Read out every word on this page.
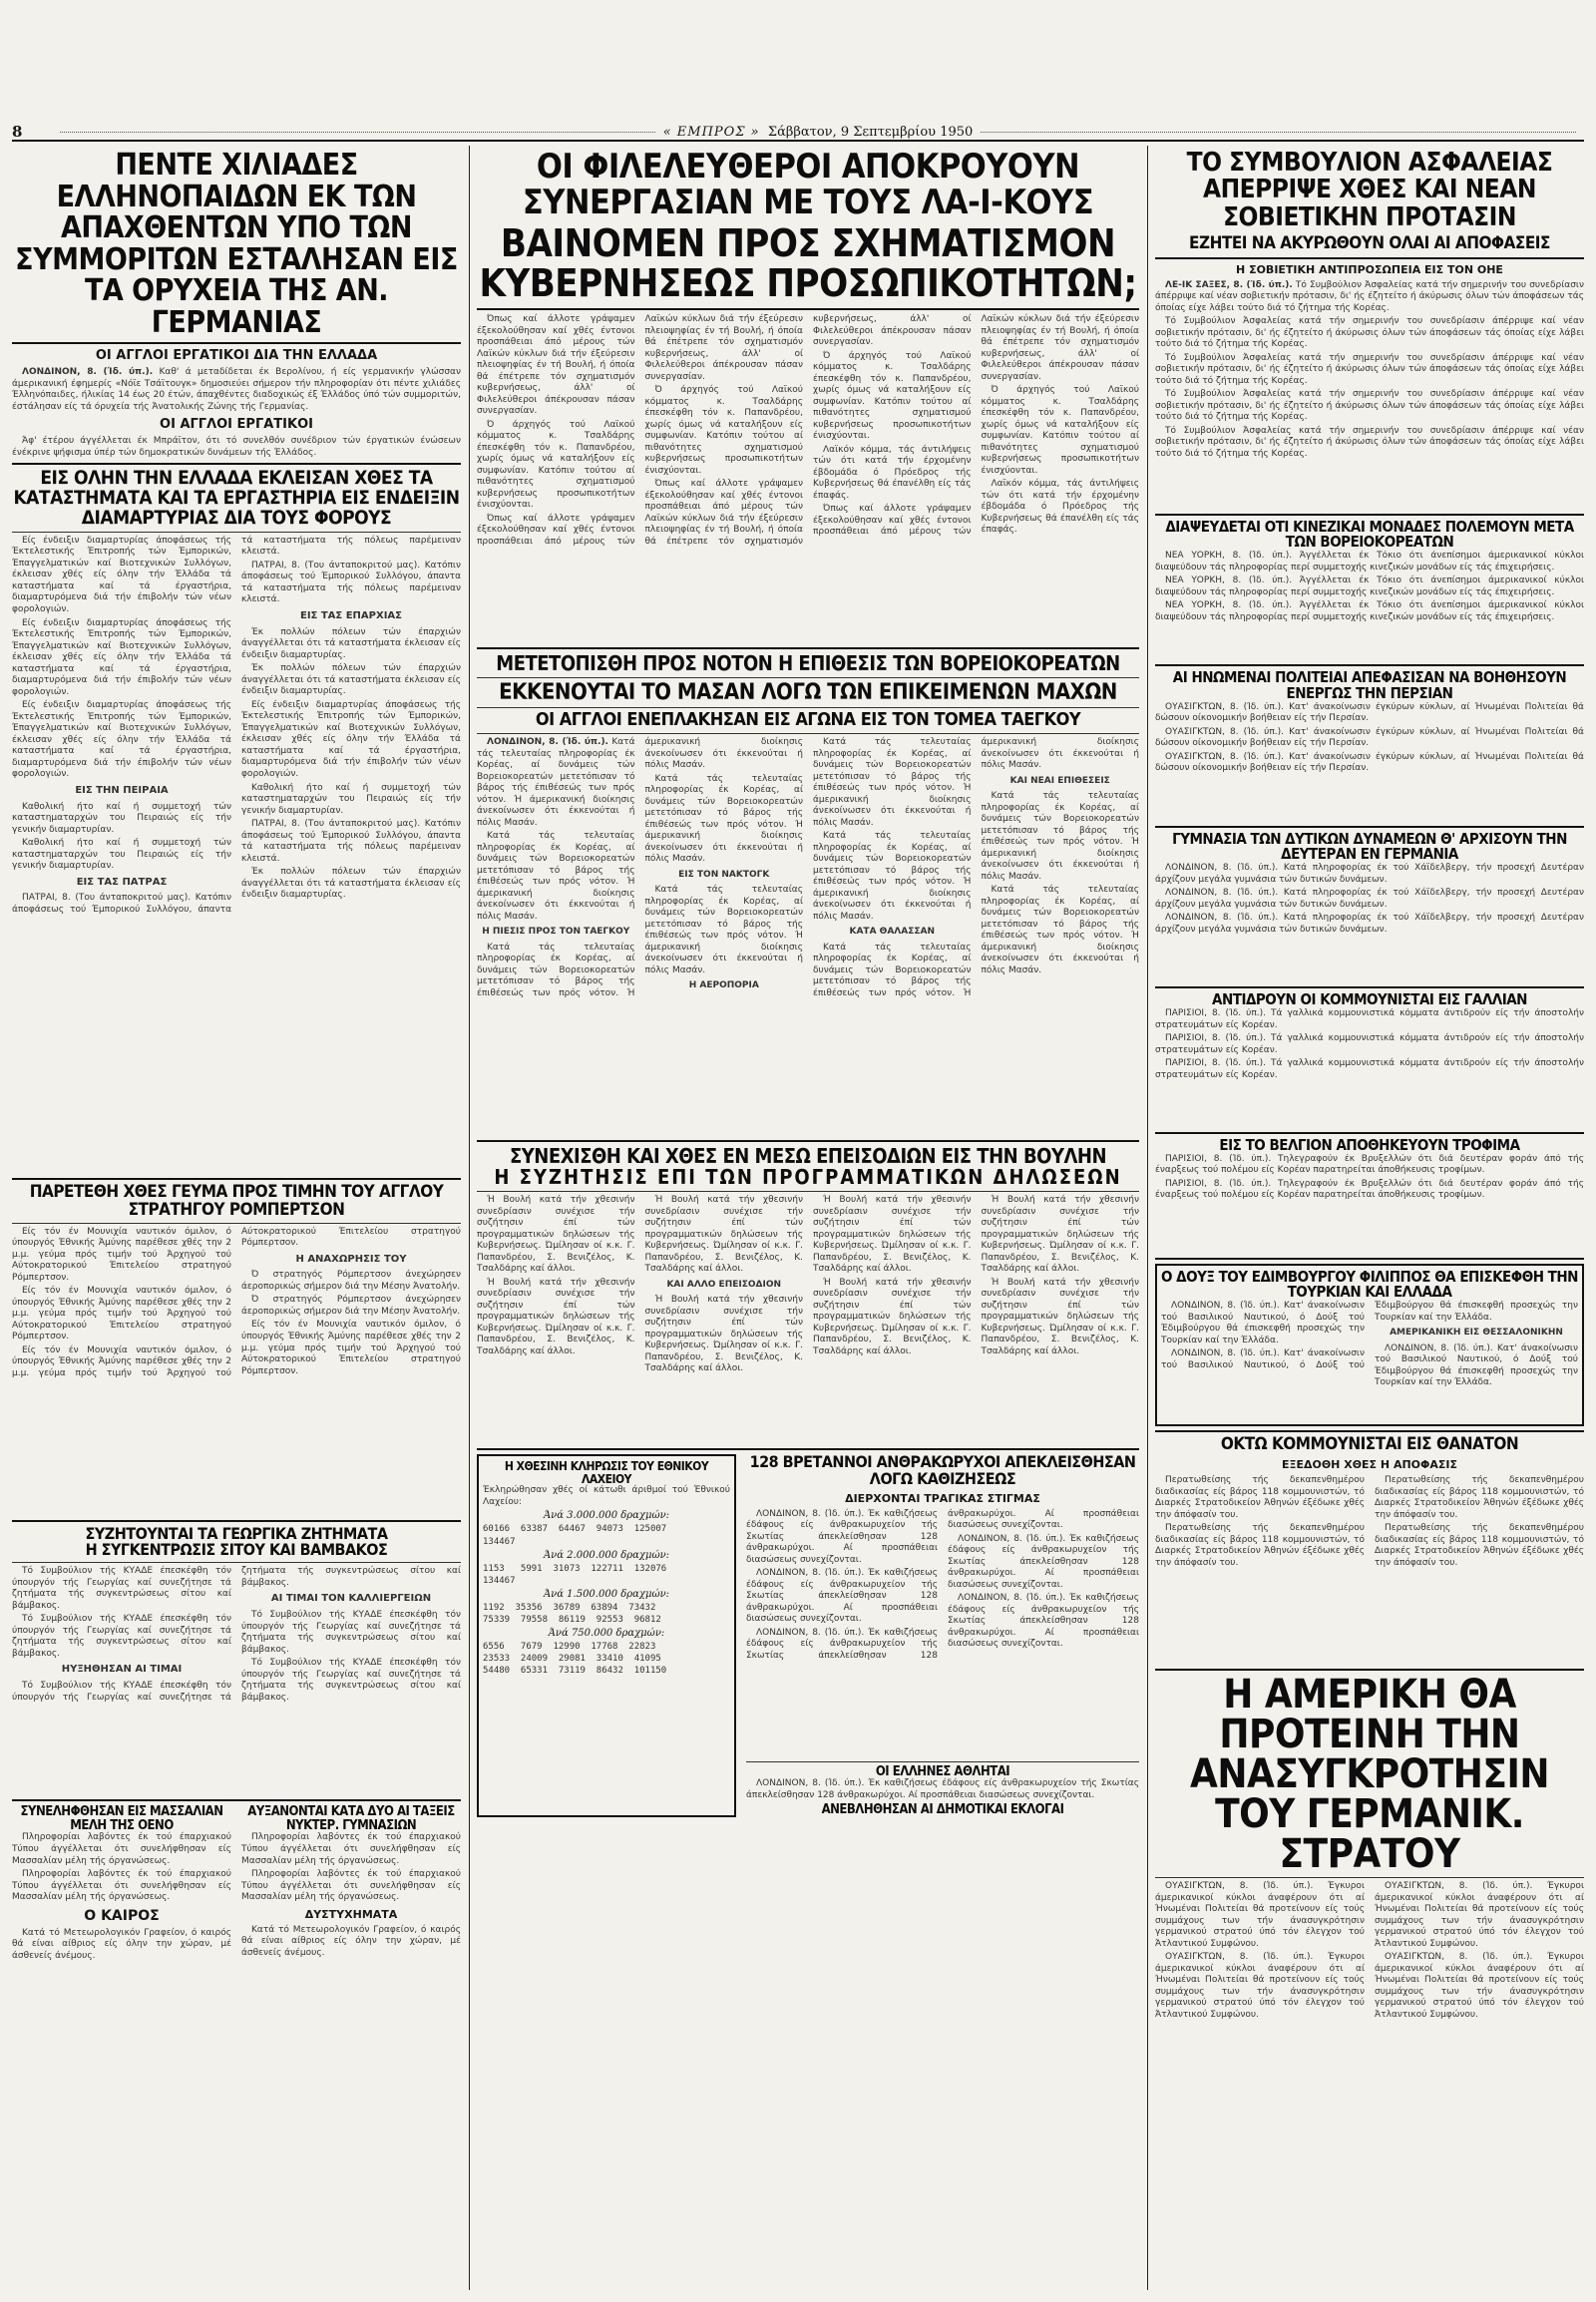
8	« ΕΜΠΡΟΣ »
Σάββατον, 9 Σεπτεμβρίου 1950
ΠΕΝΤΕ ΧΙΛΙΑΔΕΣ ΕΛΛΗΝΟΠΑΙΔΩΝ ΕΚ ΤΩΝ ΑΠΑΧΘΕΝΤΩΝ ΥΠΟ ΤΩΝ ΣΥΜΜΟΡΙΤΩΝ ΕΣΤΑΛΗΣΑΝ ΕΙΣ ΤΑ ΟΡΥΧΕΙΑ ΤΗΣ ΑΝ. ΓΕΡΜΑΝΙΑΣ
ΟΙ ΑΓΓΛΟΙ ΕΡΓΑΤΙΚΟΙ ΔΙΑ ΤΗΝ ΕΛΛΑΔΑ

ΛΟΝΔΙΝΟΝ, 8. (Ίδ. ύπ.). Καθ' ά μεταδίδεται έκ Βερολίνου, ή είς γερμανικήν γλώσσαν άμερικανική έφημερίς «Νόϊε Τσάϊτουγκ» δημοσιεύει σήμερον τήν πληροφορίαν ότι πέντε χιλιάδες Έλληνόπαιδες, ήλικίας 14 έως 20 έτών, άπαχθέντες διαδοχικώς έξ Έλλάδος ύπό τών συμμοριτών, έστάλησαν είς τά όρυχεία τής Άνατολικής Ζώνης τής Γερμανίας.

ΟΙ ΑΓΓΛΟΙ ΕΡΓΑΤΙΚΟΙ

Άφ' έτέρου άγγέλλεται έκ Μπράϊτον, ότι τό συνελθόν συνέδριον τών έργατικών ένώσεων ένέκρινε ψήφισμα ύπέρ τών δημοκρατικών δυνάμεων τής Έλλάδος.

ΕΙΣ ΟΛΗΝ ΤΗΝ ΕΛΛΑΔΑ ΕΚΛΕΙΣΑΝ ΧΘΕΣ ΤΑ ΚΑΤΑΣΤΗΜΑΤΑ ΚΑΙ ΤΑ ΕΡΓΑΣΤΗΡΙΑ ΕΙΣ ΕΝΔΕΙΞΙΝ ΔΙΑΜΑΡΤΥΡΙΑΣ ΔΙΑ ΤΟΥΣ ΦΟΡΟΥΣ

Είς ένδειξιν διαμαρτυρίας άποφάσεως τής Έκτελεστικής Έπιτροπής τών Έμπορικών, Έπαγγελματικών καί Βιοτεχνικών Συλλόγων, έκλεισαν χθές είς όλην τήν Έλλάδα τά καταστήματα καί τά έργαστήρια, διαμαρτυρόμενα διά τήν έπιβολήν τών νέων φορολογιών.

Είς ένδειξιν διαμαρτυρίας άποφάσεως τής Έκτελεστικής Έπιτροπής τών Έμπορικών, Έπαγγελματικών καί Βιοτεχνικών Συλλόγων, έκλεισαν χθές είς όλην τήν Έλλάδα τά καταστήματα καί τά έργαστήρια, διαμαρτυρόμενα διά τήν έπιβολήν τών νέων φορολογιών.

Είς ένδειξιν διαμαρτυρίας άποφάσεως τής Έκτελεστικής Έπιτροπής τών Έμπορικών, Έπαγγελματικών καί Βιοτεχνικών Συλλόγων, έκλεισαν χθές είς όλην τήν Έλλάδα τά καταστήματα καί τά έργαστήρια, διαμαρτυρόμενα διά τήν έπιβολήν τών νέων φορολογιών.

ΕΙΣ ΤΗΝ ΠΕΙΡΑΙΑ

Καθολική ήτο καί ή συμμετοχή τών καταστηματαρχών του Πειραιώς είς τήν γενικήν διαμαρτυρίαν.

Καθολική ήτο καί ή συμμετοχή τών καταστηματαρχών του Πειραιώς είς τήν γενικήν διαμαρτυρίαν.

ΕΙΣ ΤΑΣ ΠΑΤΡΑΣ

ΠΑΤΡΑΙ, 8. (Του άνταποκριτού μας). Κατόπιν άποφάσεως τού Έμπορικού Συλλόγου, άπαντα τά καταστήματα τής πόλεως παρέμειναν κλειστά.

ΠΑΤΡΑΙ, 8. (Του άνταποκριτού μας). Κατόπιν άποφάσεως τού Έμπορικού Συλλόγου, άπαντα τά καταστήματα τής πόλεως παρέμειναν κλειστά.

ΕΙΣ ΤΑΣ ΕΠΑΡΧΙΑΣ

Έκ πολλών πόλεων τών έπαρχιών άναγγέλλεται ότι τά καταστήματα έκλεισαν είς ένδειξιν διαμαρτυρίας.

Έκ πολλών πόλεων τών έπαρχιών άναγγέλλεται ότι τά καταστήματα έκλεισαν είς ένδειξιν διαμαρτυρίας.

Είς ένδειξιν διαμαρτυρίας άποφάσεως τής Έκτελεστικής Έπιτροπής τών Έμπορικών, Έπαγγελματικών καί Βιοτεχνικών Συλλόγων, έκλεισαν χθές είς όλην τήν Έλλάδα τά καταστήματα καί τά έργαστήρια, διαμαρτυρόμενα διά τήν έπιβολήν τών νέων φορολογιών.

Καθολική ήτο καί ή συμμετοχή τών καταστηματαρχών του Πειραιώς είς τήν γενικήν διαμαρτυρίαν.

ΠΑΤΡΑΙ, 8. (Του άνταποκριτού μας). Κατόπιν άποφάσεως τού Έμπορικού Συλλόγου, άπαντα τά καταστήματα τής πόλεως παρέμειναν κλειστά.

Έκ πολλών πόλεων τών έπαρχιών άναγγέλλεται ότι τά καταστήματα έκλεισαν είς ένδειξιν διαμαρτυρίας.

ΠΑΡΕΤΕΘΗ ΧΘΕΣ ΓΕΥΜΑ ΠΡΟΣ ΤΙΜΗΝ ΤΟΥ ΑΓΓΛΟΥ ΣΤΡΑΤΗΓΟΥ ΡΟΜΠΕΡΤΣΟΝ

Είς τόν έν Μουνιχία ναυτικόν όμιλον, ό ύπουργός Έθνικής Άμύνης παρέθεσε χθές την 2 μ.μ. γεύμα πρός τιμήν τού Άρχηγού τού Αύτοκρατορικού Έπιτελείου στρατηγού Ρόμπερτσον.

Είς τόν έν Μουνιχία ναυτικόν όμιλον, ό ύπουργός Έθνικής Άμύνης παρέθεσε χθές την 2 μ.μ. γεύμα πρός τιμήν τού Άρχηγού τού Αύτοκρατορικού Έπιτελείου στρατηγού Ρόμπερτσον.

Είς τόν έν Μουνιχία ναυτικόν όμιλον, ό ύπουργός Έθνικής Άμύνης παρέθεσε χθές την 2 μ.μ. γεύμα πρός τιμήν τού Άρχηγού τού Αύτοκρατορικού Έπιτελείου στρατηγού Ρόμπερτσον.

Η ΑΝΑΧΩΡΗΣΙΣ ΤΟΥ

Ό στρατηγός Ρόμπερτσον άνεχώρησεν άεροπορικώς σήμερον διά την Μέσην Άνατολήν.

Ό στρατηγός Ρόμπερτσον άνεχώρησεν άεροπορικώς σήμερον διά την Μέσην Άνατολήν.

Είς τόν έν Μουνιχία ναυτικόν όμιλον, ό ύπουργός Έθνικής Άμύνης παρέθεσε χθές την 2 μ.μ. γεύμα πρός τιμήν τού Άρχηγού τού Αύτοκρατορικού Έπιτελείου στρατηγού Ρόμπερτσον.

ΣΥΖΗΤΟΥΝΤΑΙ ΤΑ ΓΕΩΡΓΙΚΑ ΖΗΤΗΜΑΤΑ
Η ΣΥΓΚΕΝΤΡΩΣΙΣ ΣΙΤΟΥ ΚΑΙ ΒΑΜΒΑΚΟΣ

Τό Συμβούλιον τής ΚΥΑΔΕ έπεσκέφθη τόν ύπουργόν τής Γεωργίας καί συνεζήτησε τά ζητήματα τής συγκεντρώσεως σίτου καί βάμβακος.

Τό Συμβούλιον τής ΚΥΑΔΕ έπεσκέφθη τόν ύπουργόν τής Γεωργίας καί συνεζήτησε τά ζητήματα τής συγκεντρώσεως σίτου καί βάμβακος.

ΗΥΞΗΘΗΣΑΝ ΑΙ ΤΙΜΑΙ

Τό Συμβούλιον τής ΚΥΑΔΕ έπεσκέφθη τόν ύπουργόν τής Γεωργίας καί συνεζήτησε τά ζητήματα τής συγκεντρώσεως σίτου καί βάμβακος.

ΑΙ ΤΙΜΑΙ ΤΟΝ ΚΑΛΛΙΕΡΓΕΙΩΝ

Τό Συμβούλιον τής ΚΥΑΔΕ έπεσκέφθη τόν ύπουργόν τής Γεωργίας καί συνεζήτησε τά ζητήματα τής συγκεντρώσεως σίτου καί βάμβακος.

Τό Συμβούλιον τής ΚΥΑΔΕ έπεσκέφθη τόν ύπουργόν τής Γεωργίας καί συνεζήτησε τά ζητήματα τής συγκεντρώσεως σίτου καί βάμβακος.

ΣΥΝΕΛΗΦΘΗΣΑΝ ΕΙΣ ΜΑΣΣΑΛΙΑΝ ΜΕΛΗ ΤΗΣ ΟΕΝΟ

Πληροφορίαι λαβόντες έκ τού έπαρχιακού Τύπου άγγέλλεται ότι συνελήφθησαν είς Μασσαλίαν μέλη τής όργανώσεως.

Πληροφορίαι λαβόντες έκ τού έπαρχιακού Τύπου άγγέλλεται ότι συνελήφθησαν είς Μασσαλίαν μέλη τής όργανώσεως.

Ο ΚΑΙΡΟΣ

Κατά τό Μετεωρολογικόν Γραφείον, ό καιρός θά είναι αίθριος είς όλην την χώραν, μέ άσθενείς άνέμους.

ΑΥΞΑΝΟΝΤΑΙ ΚΑΤΑ ΔΥΟ ΑΙ ΤΑΞΕΙΣ ΝΥΚΤΕΡ. ΓΥΜΝΑΣΙΩΝ

Πληροφορίαι λαβόντες έκ τού έπαρχιακού Τύπου άγγέλλεται ότι συνελήφθησαν είς Μασσαλίαν μέλη τής όργανώσεως.

Πληροφορίαι λαβόντες έκ τού έπαρχιακού Τύπου άγγέλλεται ότι συνελήφθησαν είς Μασσαλίαν μέλη τής όργανώσεως.

ΔΥΣΤΥΧΗΜΑΤΑ

Κατά τό Μετεωρολογικόν Γραφείον, ό καιρός θά είναι αίθριος είς όλην την χώραν, μέ άσθενείς άνέμους.

ΟΙ ΦΙΛΕΛΕΥΘΕΡΟΙ ΑΠΟΚΡΟΥΟΥΝ ΣΥΝΕΡΓΑΣΙΑΝ ΜΕ ΤΟΥΣ ΛΑ-Ι-ΚΟΥΣ
ΒΑΙΝΟΜΕΝ ΠΡΟΣ ΣΧΗΜΑΤΙΣΜΟΝ ΚΥΒΕΡΝΗΣΕΩΣ ΠΡΟΣΩΠΙΚΟΤΗΤΩΝ;

Όπως καί άλλοτε γράψαμεν έξεκολούθησαν καί χθές έντονοι προσπάθειαι άπό μέρους τών Λαϊκών κύκλων διά τήν έξεύρεσιν πλειοψηφίας έν τή Βουλή, ή όποία θά έπέτρεπε τόν σχηματισμόν κυβερνήσεως, άλλ' οί Φιλελεύθεροι άπέκρουσαν πάσαν συνεργασίαν.

Ό άρχηγός τού Λαϊκού κόμματος κ. Τσαλδάρης έπεσκέφθη τόν κ. Παπανδρέου, χωρίς όμως νά καταλήξουν είς συμφωνίαν. Κατόπιν τούτου αί πιθανότητες σχηματισμού κυβερνήσεως προσωπικοτήτων ένισχύονται.

Όπως καί άλλοτε γράψαμεν έξεκολούθησαν καί χθές έντονοι προσπάθειαι άπό μέρους τών Λαϊκών κύκλων διά τήν έξεύρεσιν πλειοψηφίας έν τή Βουλή, ή όποία θά έπέτρεπε τόν σχηματισμόν κυβερνήσεως, άλλ' οί Φιλελεύθεροι άπέκρουσαν πάσαν συνεργασίαν.

Ό άρχηγός τού Λαϊκού κόμματος κ. Τσαλδάρης έπεσκέφθη τόν κ. Παπανδρέου, χωρίς όμως νά καταλήξουν είς συμφωνίαν. Κατόπιν τούτου αί πιθανότητες σχηματισμού κυβερνήσεως προσωπικοτήτων ένισχύονται.

Όπως καί άλλοτε γράψαμεν έξεκολούθησαν καί χθές έντονοι προσπάθειαι άπό μέρους τών Λαϊκών κύκλων διά τήν έξεύρεσιν πλειοψηφίας έν τή Βουλή, ή όποία θά έπέτρεπε τόν σχηματισμόν κυβερνήσεως, άλλ' οί Φιλελεύθεροι άπέκρουσαν πάσαν συνεργασίαν.

Ό άρχηγός τού Λαϊκού κόμματος κ. Τσαλδάρης έπεσκέφθη τόν κ. Παπανδρέου, χωρίς όμως νά καταλήξουν είς συμφωνίαν. Κατόπιν τούτου αί πιθανότητες σχηματισμού κυβερνήσεως προσωπικοτήτων ένισχύονται.

Λαϊκόν κόμμα, τάς άντιλήψεις τών ότι κατά τήν έρχομένην έβδομάδα ό Πρόεδρος τής Κυβερνήσεως θά έπανέλθη είς τάς έπαφάς.

Όπως καί άλλοτε γράψαμεν έξεκολούθησαν καί χθές έντονοι προσπάθειαι άπό μέρους τών Λαϊκών κύκλων διά τήν έξεύρεσιν πλειοψηφίας έν τή Βουλή, ή όποία θά έπέτρεπε τόν σχηματισμόν κυβερνήσεως, άλλ' οί Φιλελεύθεροι άπέκρουσαν πάσαν συνεργασίαν.

Ό άρχηγός τού Λαϊκού κόμματος κ. Τσαλδάρης έπεσκέφθη τόν κ. Παπανδρέου, χωρίς όμως νά καταλήξουν είς συμφωνίαν. Κατόπιν τούτου αί πιθανότητες σχηματισμού κυβερνήσεως προσωπικοτήτων ένισχύονται.

Λαϊκόν κόμμα, τάς άντιλήψεις τών ότι κατά τήν έρχομένην έβδομάδα ό Πρόεδρος τής Κυβερνήσεως θά έπανέλθη είς τάς έπαφάς.

ΜΕΤΕΤΟΠΙΣΘΗ ΠΡΟΣ ΝΟΤΟΝ Η ΕΠΙΘΕΣΙΣ ΤΩΝ ΒΟΡΕΙΟΚΟΡΕΑΤΩΝ
ΕΚΚΕΝΟΥΤΑΙ ΤΟ ΜΑΣΑΝ ΛΟΓΩ ΤΩΝ ΕΠΙΚΕΙΜΕΝΩΝ ΜΑΧΩΝ
ΟΙ ΑΓΓΛΟΙ ΕΝΕΠΛΑΚΗΣΑΝ ΕΙΣ ΑΓΩΝΑ ΕΙΣ ΤΟΝ ΤΟΜΕΑ ΤΑΕΓΚΟΥ

ΛΟΝΔΙΝΟΝ, 8. (Ίδ. ύπ.). Κατά τάς τελευταίας πληροφορίας έκ Κορέας, αί δυνάμεις τών Βορειοκορεατών μετετόπισαν τό βάρος τής έπιθέσεώς των πρός νότον. Ή άμερικανική διοίκησις άνεκοίνωσεν ότι έκκενούται ή πόλις Μασάν.

Κατά τάς τελευταίας πληροφορίας έκ Κορέας, αί δυνάμεις τών Βορειοκορεατών μετετόπισαν τό βάρος τής έπιθέσεώς των πρός νότον. Ή άμερικανική διοίκησις άνεκοίνωσεν ότι έκκενούται ή πόλις Μασάν.

Η ΠΙΕΣΙΣ ΠΡΟΣ ΤΟΝ ΤΑΕΓΚΟΥ

Κατά τάς τελευταίας πληροφορίας έκ Κορέας, αί δυνάμεις τών Βορειοκορεατών μετετόπισαν τό βάρος τής έπιθέσεώς των πρός νότον. Ή άμερικανική διοίκησις άνεκοίνωσεν ότι έκκενούται ή πόλις Μασάν.

Κατά τάς τελευταίας πληροφορίας έκ Κορέας, αί δυνάμεις τών Βορειοκορεατών μετετόπισαν τό βάρος τής έπιθέσεώς των πρός νότον. Ή άμερικανική διοίκησις άνεκοίνωσεν ότι έκκενούται ή πόλις Μασάν.

ΕΙΣ ΤΟΝ ΝΑΚΤΟΓΚ

Κατά τάς τελευταίας πληροφορίας έκ Κορέας, αί δυνάμεις τών Βορειοκορεατών μετετόπισαν τό βάρος τής έπιθέσεώς των πρός νότον. Ή άμερικανική διοίκησις άνεκοίνωσεν ότι έκκενούται ή πόλις Μασάν.

Η ΑΕΡΟΠΟΡΙΑ

Κατά τάς τελευταίας πληροφορίας έκ Κορέας, αί δυνάμεις τών Βορειοκορεατών μετετόπισαν τό βάρος τής έπιθέσεώς των πρός νότον. Ή άμερικανική διοίκησις άνεκοίνωσεν ότι έκκενούται ή πόλις Μασάν.

Κατά τάς τελευταίας πληροφορίας έκ Κορέας, αί δυνάμεις τών Βορειοκορεατών μετετόπισαν τό βάρος τής έπιθέσεώς των πρός νότον. Ή άμερικανική διοίκησις άνεκοίνωσεν ότι έκκενούται ή πόλις Μασάν.

ΚΑΤΑ ΘΑΛΑΣΣΑΝ

Κατά τάς τελευταίας πληροφορίας έκ Κορέας, αί δυνάμεις τών Βορειοκορεατών μετετόπισαν τό βάρος τής έπιθέσεώς των πρός νότον. Ή άμερικανική διοίκησις άνεκοίνωσεν ότι έκκενούται ή πόλις Μασάν.

ΚΑΙ ΝΕΑΙ ΕΠΙΘΕΣΕΙΣ

Κατά τάς τελευταίας πληροφορίας έκ Κορέας, αί δυνάμεις τών Βορειοκορεατών μετετόπισαν τό βάρος τής έπιθέσεώς των πρός νότον. Ή άμερικανική διοίκησις άνεκοίνωσεν ότι έκκενούται ή πόλις Μασάν.

Κατά τάς τελευταίας πληροφορίας έκ Κορέας, αί δυνάμεις τών Βορειοκορεατών μετετόπισαν τό βάρος τής έπιθέσεώς των πρός νότον. Ή άμερικανική διοίκησις άνεκοίνωσεν ότι έκκενούται ή πόλις Μασάν.

ΣΥΝΕΧΙΣΘΗ ΚΑΙ ΧΘΕΣ ΕΝ ΜΕΣΩ ΕΠΕΙΣΟΔΙΩΝ ΕΙΣ ΤΗΝ ΒΟΥΛΗΝ
Η ΣΥΖΗΤΗΣΙΣ ΕΠΙ ΤΩΝ ΠΡΟΓΡΑΜΜΑΤΙΚΩΝ ΔΗΛΩΣΕΩΝ

Ή Βουλή κατά τήν χθεσινήν συνεδρίασιν συνέχισε τήν συζήτησιν έπί τών προγραμματικών δηλώσεων τής Κυβερνήσεως. Ώμίλησαν οί κ.κ. Γ. Παπανδρέου, Σ. Βενιζέλος, Κ. Τσαλδάρης καί άλλοι.

Ή Βουλή κατά τήν χθεσινήν συνεδρίασιν συνέχισε τήν συζήτησιν έπί τών προγραμματικών δηλώσεων τής Κυβερνήσεως. Ώμίλησαν οί κ.κ. Γ. Παπανδρέου, Σ. Βενιζέλος, Κ. Τσαλδάρης καί άλλοι.

Ή Βουλή κατά τήν χθεσινήν συνεδρίασιν συνέχισε τήν συζήτησιν έπί τών προγραμματικών δηλώσεων τής Κυβερνήσεως. Ώμίλησαν οί κ.κ. Γ. Παπανδρέου, Σ. Βενιζέλος, Κ. Τσαλδάρης καί άλλοι.

ΚΑΙ ΑΛΛΟ ΕΠΕΙΣΟΔΙΟΝ

Ή Βουλή κατά τήν χθεσινήν συνεδρίασιν συνέχισε τήν συζήτησιν έπί τών προγραμματικών δηλώσεων τής Κυβερνήσεως. Ώμίλησαν οί κ.κ. Γ. Παπανδρέου, Σ. Βενιζέλος, Κ. Τσαλδάρης καί άλλοι.

Ή Βουλή κατά τήν χθεσινήν συνεδρίασιν συνέχισε τήν συζήτησιν έπί τών προγραμματικών δηλώσεων τής Κυβερνήσεως. Ώμίλησαν οί κ.κ. Γ. Παπανδρέου, Σ. Βενιζέλος, Κ. Τσαλδάρης καί άλλοι.

Ή Βουλή κατά τήν χθεσινήν συνεδρίασιν συνέχισε τήν συζήτησιν έπί τών προγραμματικών δηλώσεων τής Κυβερνήσεως. Ώμίλησαν οί κ.κ. Γ. Παπανδρέου, Σ. Βενιζέλος, Κ. Τσαλδάρης καί άλλοι.

Ή Βουλή κατά τήν χθεσινήν συνεδρίασιν συνέχισε τήν συζήτησιν έπί τών προγραμματικών δηλώσεων τής Κυβερνήσεως. Ώμίλησαν οί κ.κ. Γ. Παπανδρέου, Σ. Βενιζέλος, Κ. Τσαλδάρης καί άλλοι.

Ή Βουλή κατά τήν χθεσινήν συνεδρίασιν συνέχισε τήν συζήτησιν έπί τών προγραμματικών δηλώσεων τής Κυβερνήσεως. Ώμίλησαν οί κ.κ. Γ. Παπανδρέου, Σ. Βενιζέλος, Κ. Τσαλδάρης καί άλλοι.

Η ΧΘΕΣΙΝΗ ΚΛΗΡΩΣΙΣ ΤΟΥ ΕΘΝΙΚΟΥ ΛΑΧΕΙΟΥ
Έκληρώθησαν χθές οί κάτωθι άριθμοί τού Έθνικού Λαχείου:
Άνά 3.000.000 δραχμών:
60166  63387  64467  94073  125007
134467
Άνά 2.000.000 δραχμών:
1153   5991  31073  122711  132076
134467
Άνά 1.500.000 δραχμών:
1192  35356  36789  63894  73432
75339  79558  86119  92553  96812
Άνά 750.000 δραχμών:
6556   7679  12990  17768  22823
23533  24009  29081  33410  41095
54480  65331  73119  86432  101150
128 ΒΡΕΤΑΝΝΟΙ ΑΝΘΡΑΚΩΡΥΧΟΙ ΑΠΕΚΛΕΙΣΘΗΣΑΝ ΛΟΓΩ ΚΑΘΙΖΗΣΕΩΣ
ΔΙΕΡΧΟΝΤΑΙ ΤΡΑΓΙΚΑΣ ΣΤΙΓΜΑΣ

ΛΟΝΔΙΝΟΝ, 8. (Ίδ. ύπ.). Έκ καθιζήσεως έδάφους είς άνθρακωρυχείον τής Σκωτίας άπεκλείσθησαν 128 άνθρακωρύχοι. Αί προσπάθειαι διασώσεως συνεχίζονται.

ΛΟΝΔΙΝΟΝ, 8. (Ίδ. ύπ.). Έκ καθιζήσεως έδάφους είς άνθρακωρυχείον τής Σκωτίας άπεκλείσθησαν 128 άνθρακωρύχοι. Αί προσπάθειαι διασώσεως συνεχίζονται.

ΛΟΝΔΙΝΟΝ, 8. (Ίδ. ύπ.). Έκ καθιζήσεως έδάφους είς άνθρακωρυχείον τής Σκωτίας άπεκλείσθησαν 128 άνθρακωρύχοι. Αί προσπάθειαι διασώσεως συνεχίζονται.

ΛΟΝΔΙΝΟΝ, 8. (Ίδ. ύπ.). Έκ καθιζήσεως έδάφους είς άνθρακωρυχείον τής Σκωτίας άπεκλείσθησαν 128 άνθρακωρύχοι. Αί προσπάθειαι διασώσεως συνεχίζονται.

ΛΟΝΔΙΝΟΝ, 8. (Ίδ. ύπ.). Έκ καθιζήσεως έδάφους είς άνθρακωρυχείον τής Σκωτίας άπεκλείσθησαν 128 άνθρακωρύχοι. Αί προσπάθειαι διασώσεως συνεχίζονται.

ΟΙ ΕΛΛΗΝΕΣ ΑΘΛΗΤΑΙ

ΛΟΝΔΙΝΟΝ, 8. (Ίδ. ύπ.). Έκ καθιζήσεως έδάφους είς άνθρακωρυχείον τής Σκωτίας άπεκλείσθησαν 128 άνθρακωρύχοι. Αί προσπάθειαι διασώσεως συνεχίζονται.

ΑΝΕΒΛΗΘΗΣΑΝ ΑΙ ΔΗΜΟΤΙΚΑΙ ΕΚΛΟΓΑΙ
ΤΟ ΣΥΜΒΟΥΛΙΟΝ ΑΣΦΑΛΕΙΑΣ ΑΠΕΡΡΙΨΕ ΧΘΕΣ ΚΑΙ ΝΕΑΝ ΣΟΒΙΕΤΙΚΗΝ ΠΡΟΤΑΣΙΝ
ΕΖΗΤΕΙ ΝΑ ΑΚΥΡΩΘΟΥΝ ΟΛΑΙ ΑΙ ΑΠΟΦΑΣΕΙΣ
Η ΣΟΒΙΕΤΙΚΗ ΑΝΤΙΠΡΟΣΩΠΕΙΑ ΕΙΣ ΤΟΝ ΟΗΕ

ΛΕ-ΙΚ ΣΑΞΕΣ, 8. (Ίδ. ύπ.). Τό Συμβούλιον Άσφαλείας κατά τήν σημερινήν του συνεδρίασιν άπέρριψε καί νέαν σοβιετικήν πρότασιν, δι' ής έζητείτο ή άκύρωσις όλων τών άποφάσεων τάς όποίας είχε λάβει τούτο διά τό ζήτημα τής Κορέας.

Τό Συμβούλιον Άσφαλείας κατά τήν σημερινήν του συνεδρίασιν άπέρριψε καί νέαν σοβιετικήν πρότασιν, δι' ής έζητείτο ή άκύρωσις όλων τών άποφάσεων τάς όποίας είχε λάβει τούτο διά τό ζήτημα τής Κορέας.

Τό Συμβούλιον Άσφαλείας κατά τήν σημερινήν του συνεδρίασιν άπέρριψε καί νέαν σοβιετικήν πρότασιν, δι' ής έζητείτο ή άκύρωσις όλων τών άποφάσεων τάς όποίας είχε λάβει τούτο διά τό ζήτημα τής Κορέας.

Τό Συμβούλιον Άσφαλείας κατά τήν σημερινήν του συνεδρίασιν άπέρριψε καί νέαν σοβιετικήν πρότασιν, δι' ής έζητείτο ή άκύρωσις όλων τών άποφάσεων τάς όποίας είχε λάβει τούτο διά τό ζήτημα τής Κορέας.

Τό Συμβούλιον Άσφαλείας κατά τήν σημερινήν του συνεδρίασιν άπέρριψε καί νέαν σοβιετικήν πρότασιν, δι' ής έζητείτο ή άκύρωσις όλων τών άποφάσεων τάς όποίας είχε λάβει τούτο διά τό ζήτημα τής Κορέας.

ΔΙΑΨΕΥΔΕΤΑΙ ΟΤΙ ΚΙΝΕΖΙΚΑΙ ΜΟΝΑΔΕΣ ΠΟΛΕΜΟΥΝ ΜΕΤΑ ΤΩΝ ΒΟΡΕΙΟΚΟΡΕΑΤΩΝ

ΝΕΑ ΥΟΡΚΗ, 8. (Ίδ. ύπ.). Άγγέλλεται έκ Τόκιο ότι άνεπίσημοι άμερικανικοί κύκλοι διαψεύδουν τάς πληροφορίας περί συμμετοχής κινεζικών μονάδων είς τάς έπιχειρήσεις.

ΝΕΑ ΥΟΡΚΗ, 8. (Ίδ. ύπ.). Άγγέλλεται έκ Τόκιο ότι άνεπίσημοι άμερικανικοί κύκλοι διαψεύδουν τάς πληροφορίας περί συμμετοχής κινεζικών μονάδων είς τάς έπιχειρήσεις.

ΝΕΑ ΥΟΡΚΗ, 8. (Ίδ. ύπ.). Άγγέλλεται έκ Τόκιο ότι άνεπίσημοι άμερικανικοί κύκλοι διαψεύδουν τάς πληροφορίας περί συμμετοχής κινεζικών μονάδων είς τάς έπιχειρήσεις.

ΑΙ ΗΝΩΜΕΝΑΙ ΠΟΛΙΤΕΙΑΙ ΑΠΕΦΑΣΙΣΑΝ ΝΑ ΒΟΗΘΗΣΟΥΝ ΕΝΕΡΓΩΣ ΤΗΝ ΠΕΡΣΙΑΝ

ΟΥΑΣΙΓΚΤΩΝ, 8. (Ίδ. ύπ.). Κατ' άνακοίνωσιν έγκύρων κύκλων, αί Ήνωμέναι Πολιτείαι θά δώσουν οίκονομικήν βοήθειαν είς τήν Περσίαν.

ΟΥΑΣΙΓΚΤΩΝ, 8. (Ίδ. ύπ.). Κατ' άνακοίνωσιν έγκύρων κύκλων, αί Ήνωμέναι Πολιτείαι θά δώσουν οίκονομικήν βοήθειαν είς τήν Περσίαν.

ΟΥΑΣΙΓΚΤΩΝ, 8. (Ίδ. ύπ.). Κατ' άνακοίνωσιν έγκύρων κύκλων, αί Ήνωμέναι Πολιτείαι θά δώσουν οίκονομικήν βοήθειαν είς τήν Περσίαν.

ΓΥΜΝΑΣΙΑ ΤΩΝ ΔΥΤΙΚΩΝ ΔΥΝΑΜΕΩΝ Θ' ΑΡΧΙΣΟΥΝ ΤΗΝ ΔΕΥΤΕΡΑΝ ΕΝ ΓΕΡΜΑΝΙΑ

ΛΟΝΔΙΝΟΝ, 8. (Ίδ. ύπ.). Κατά πληροφορίας έκ τού Χάϊδελβεργ, τήν προσεχή Δευτέραν άρχίζουν μεγάλα γυμνάσια τών δυτικών δυνάμεων.

ΛΟΝΔΙΝΟΝ, 8. (Ίδ. ύπ.). Κατά πληροφορίας έκ τού Χάϊδελβεργ, τήν προσεχή Δευτέραν άρχίζουν μεγάλα γυμνάσια τών δυτικών δυνάμεων.

ΛΟΝΔΙΝΟΝ, 8. (Ίδ. ύπ.). Κατά πληροφορίας έκ τού Χάϊδελβεργ, τήν προσεχή Δευτέραν άρχίζουν μεγάλα γυμνάσια τών δυτικών δυνάμεων.

ΑΝΤΙΔΡΟΥΝ ΟΙ ΚΟΜΜΟΥΝΙΣΤΑΙ ΕΙΣ ΓΑΛΛΙΑΝ

ΠΑΡΙΣΙΟΙ, 8. (Ίδ. ύπ.). Τά γαλλικά κομμουνιστικά κόμματα άντιδρούν είς τήν άποστολήν στρατευμάτων είς Κορέαν.

ΠΑΡΙΣΙΟΙ, 8. (Ίδ. ύπ.). Τά γαλλικά κομμουνιστικά κόμματα άντιδρούν είς τήν άποστολήν στρατευμάτων είς Κορέαν.

ΠΑΡΙΣΙΟΙ, 8. (Ίδ. ύπ.). Τά γαλλικά κομμουνιστικά κόμματα άντιδρούν είς τήν άποστολήν στρατευμάτων είς Κορέαν.

ΕΙΣ ΤΟ ΒΕΛΓΙΟΝ ΑΠΟΘΗΚΕΥΟΥΝ ΤΡΟΦΙΜΑ

ΠΑΡΙΣΙΟΙ, 8. (Ίδ. ύπ.). Τηλεγραφούν έκ Βρυξελλών ότι διά δευτέραν φοράν άπό τής έναρξεως τού πολέμου είς Κορέαν παρατηρείται άποθήκευσις τροφίμων.

ΠΑΡΙΣΙΟΙ, 8. (Ίδ. ύπ.). Τηλεγραφούν έκ Βρυξελλών ότι διά δευτέραν φοράν άπό τής έναρξεως τού πολέμου είς Κορέαν παρατηρείται άποθήκευσις τροφίμων.

Ο ΔΟΥΞ ΤΟΥ ΕΔΙΜΒΟΥΡΓΟΥ ΦΙΛΙΠΠΟΣ ΘΑ ΕΠΙΣΚΕΦΘΗ ΤΗΝ ΤΟΥΡΚΙΑΝ ΚΑΙ ΕΛΛΑΔΑ

ΛΟΝΔΙΝΟΝ, 8. (Ίδ. ύπ.). Κατ' άνακοίνωσιν τού Βασιλικού Ναυτικού, ό Δούξ τού Έδιμβούργου θά έπισκεφθή προσεχώς την Τουρκίαν καί την Έλλάδα.

ΛΟΝΔΙΝΟΝ, 8. (Ίδ. ύπ.). Κατ' άνακοίνωσιν τού Βασιλικού Ναυτικού, ό Δούξ τού Έδιμβούργου θά έπισκεφθή προσεχώς την Τουρκίαν καί την Έλλάδα.

ΑΜΕΡΙΚΑΝΙΚΗ ΕΙΣ ΘΕΣΣΑΛΟΝΙΚΗΝ

ΛΟΝΔΙΝΟΝ, 8. (Ίδ. ύπ.). Κατ' άνακοίνωσιν τού Βασιλικού Ναυτικού, ό Δούξ τού Έδιμβούργου θά έπισκεφθή προσεχώς την Τουρκίαν καί την Έλλάδα.

ΟΚΤΩ ΚΟΜΜΟΥΝΙΣΤΑΙ ΕΙΣ ΘΑΝΑΤΟΝ
ΕΞΕΔΟΘΗ ΧΘΕΣ Η ΑΠΟΦΑΣΙΣ

Περατωθείσης τής δεκαπενθημέρου διαδικασίας είς βάρος 118 κομμουνιστών, τό Διαρκές Στρατοδικείον Άθηνών έξέδωκε χθές την άπόφασίν του.

Περατωθείσης τής δεκαπενθημέρου διαδικασίας είς βάρος 118 κομμουνιστών, τό Διαρκές Στρατοδικείον Άθηνών έξέδωκε χθές την άπόφασίν του.

Περατωθείσης τής δεκαπενθημέρου διαδικασίας είς βάρος 118 κομμουνιστών, τό Διαρκές Στρατοδικείον Άθηνών έξέδωκε χθές την άπόφασίν του.

Περατωθείσης τής δεκαπενθημέρου διαδικασίας είς βάρος 118 κομμουνιστών, τό Διαρκές Στρατοδικείον Άθηνών έξέδωκε χθές την άπόφασίν του.

Η ΑΜΕΡΙΚΗ ΘΑ ΠΡΟΤΕΙΝΗ ΤΗΝ ΑΝΑΣΥΓΚΡΟΤΗΣΙΝ ΤΟΥ ΓΕΡΜΑΝΙΚ. ΣΤΡΑΤΟΥ

ΟΥΑΣΙΓΚΤΩΝ, 8. (Ίδ. ύπ.). Έγκυροι άμερικανικοί κύκλοι άναφέρουν ότι αί Ήνωμέναι Πολιτείαι θά προτείνουν είς τούς συμμάχους των τήν άνασυγκρότησιν γερμανικού στρατού ύπό τόν έλεγχον τού Άτλαντικού Συμφώνου.

ΟΥΑΣΙΓΚΤΩΝ, 8. (Ίδ. ύπ.). Έγκυροι άμερικανικοί κύκλοι άναφέρουν ότι αί Ήνωμέναι Πολιτείαι θά προτείνουν είς τούς συμμάχους των τήν άνασυγκρότησιν γερμανικού στρατού ύπό τόν έλεγχον τού Άτλαντικού Συμφώνου.

ΟΥΑΣΙΓΚΤΩΝ, 8. (Ίδ. ύπ.). Έγκυροι άμερικανικοί κύκλοι άναφέρουν ότι αί Ήνωμέναι Πολιτείαι θά προτείνουν είς τούς συμμάχους των τήν άνασυγκρότησιν γερμανικού στρατού ύπό τόν έλεγχον τού Άτλαντικού Συμφώνου.

ΟΥΑΣΙΓΚΤΩΝ, 8. (Ίδ. ύπ.). Έγκυροι άμερικανικοί κύκλοι άναφέρουν ότι αί Ήνωμέναι Πολιτείαι θά προτείνουν είς τούς συμμάχους των τήν άνασυγκρότησιν γερμανικού στρατού ύπό τόν έλεγχον τού Άτλαντικού Συμφώνου.
